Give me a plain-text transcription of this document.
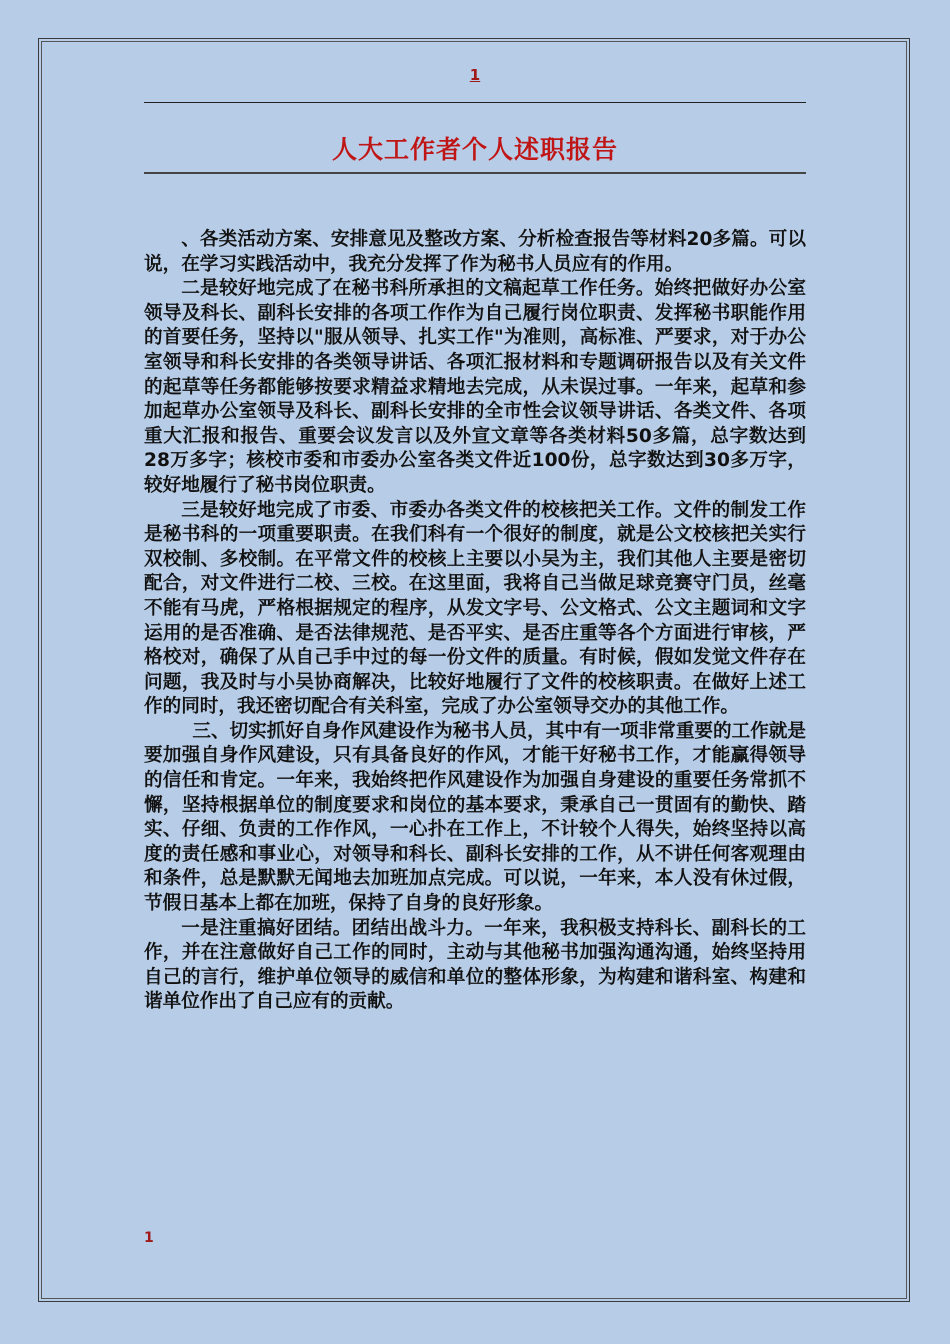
1
人大工作者个人述职报告

、各类活动方案、安排意见及整改方案、分析检查报告等材料20多篇。可以说，在学习实践活动中，我充分发挥了作为秘书人员应有的作用。

二是较好地完成了在秘书科所承担的文稿起草工作任务。始终把做好办公室领导及科长、副科长安排的各项工作作为自己履行岗位职责、发挥秘书职能作用的首要任务，坚持以"服从领导、扎实工作"为准则，高标准、严要求，对于办公室领导和科长安排的各类领导讲话、各项汇报材料和专题调研报告以及有关文件的起草等任务都能够按要求精益求精地去完成，从未误过事。一年来，起草和参加起草办公室领导及科长、副科长安排的全市性会议领导讲话、各类文件、各项重大汇报和报告、重要会议发言以及外宣文章等各类材料50多篇，总字数达到28万多字；核校市委和市委办公室各类文件近100份，总字数达到30多万字，较好地履行了秘书岗位职责。

三是较好地完成了市委、市委办各类文件的校核把关工作。文件的制发工作是秘书科的一项重要职责。在我们科有一个很好的制度，就是公文校核把关实行双校制、多校制。在平常文件的校核上主要以小吴为主，我们其他人主要是密切配合，对文件进行二校、三校。在这里面，我将自己当做足球竞赛守门员，丝毫不能有马虎，严格根据规定的程序，从发文字号、公文格式、公文主题词和文字运用的是否准确、是否法律规范、是否平实、是否庄重等各个方面进行审核，严格校对，确保了从自己手中过的每一份文件的质量。有时候，假如发觉文件存在问题，我及时与小吴协商解决，比较好地履行了文件的校核职责。在做好上述工作的同时，我还密切配合有关科室，完成了办公室领导交办的其他工作。

三、切实抓好自身作风建设作为秘书人员，其中有一项非常重要的工作就是要加强自身作风建设，只有具备良好的作风，才能干好秘书工作，才能赢得领导的信任和肯定。一年来，我始终把作风建设作为加强自身建设的重要任务常抓不懈，坚持根据单位的制度要求和岗位的基本要求，秉承自己一贯固有的勤快、踏实、仔细、负责的工作作风，一心扑在工作上，不计较个人得失，始终坚持以高度的责任感和事业心，对领导和科长、副科长安排的工作，从不讲任何客观理由和条件，总是默默无闻地去加班加点完成。可以说，一年来，本人没有休过假，节假日基本上都在加班，保持了自身的良好形象。

一是注重搞好团结。团结出战斗力。一年来，我积极支持科长、副科长的工作，并在注意做好自己工作的同时，主动与其他秘书加强沟通沟通，始终坚持用自己的言行，维护单位领导的威信和单位的整体形象，为构建和谐科室、构建和谐单位作出了自己应有的贡献。

1
